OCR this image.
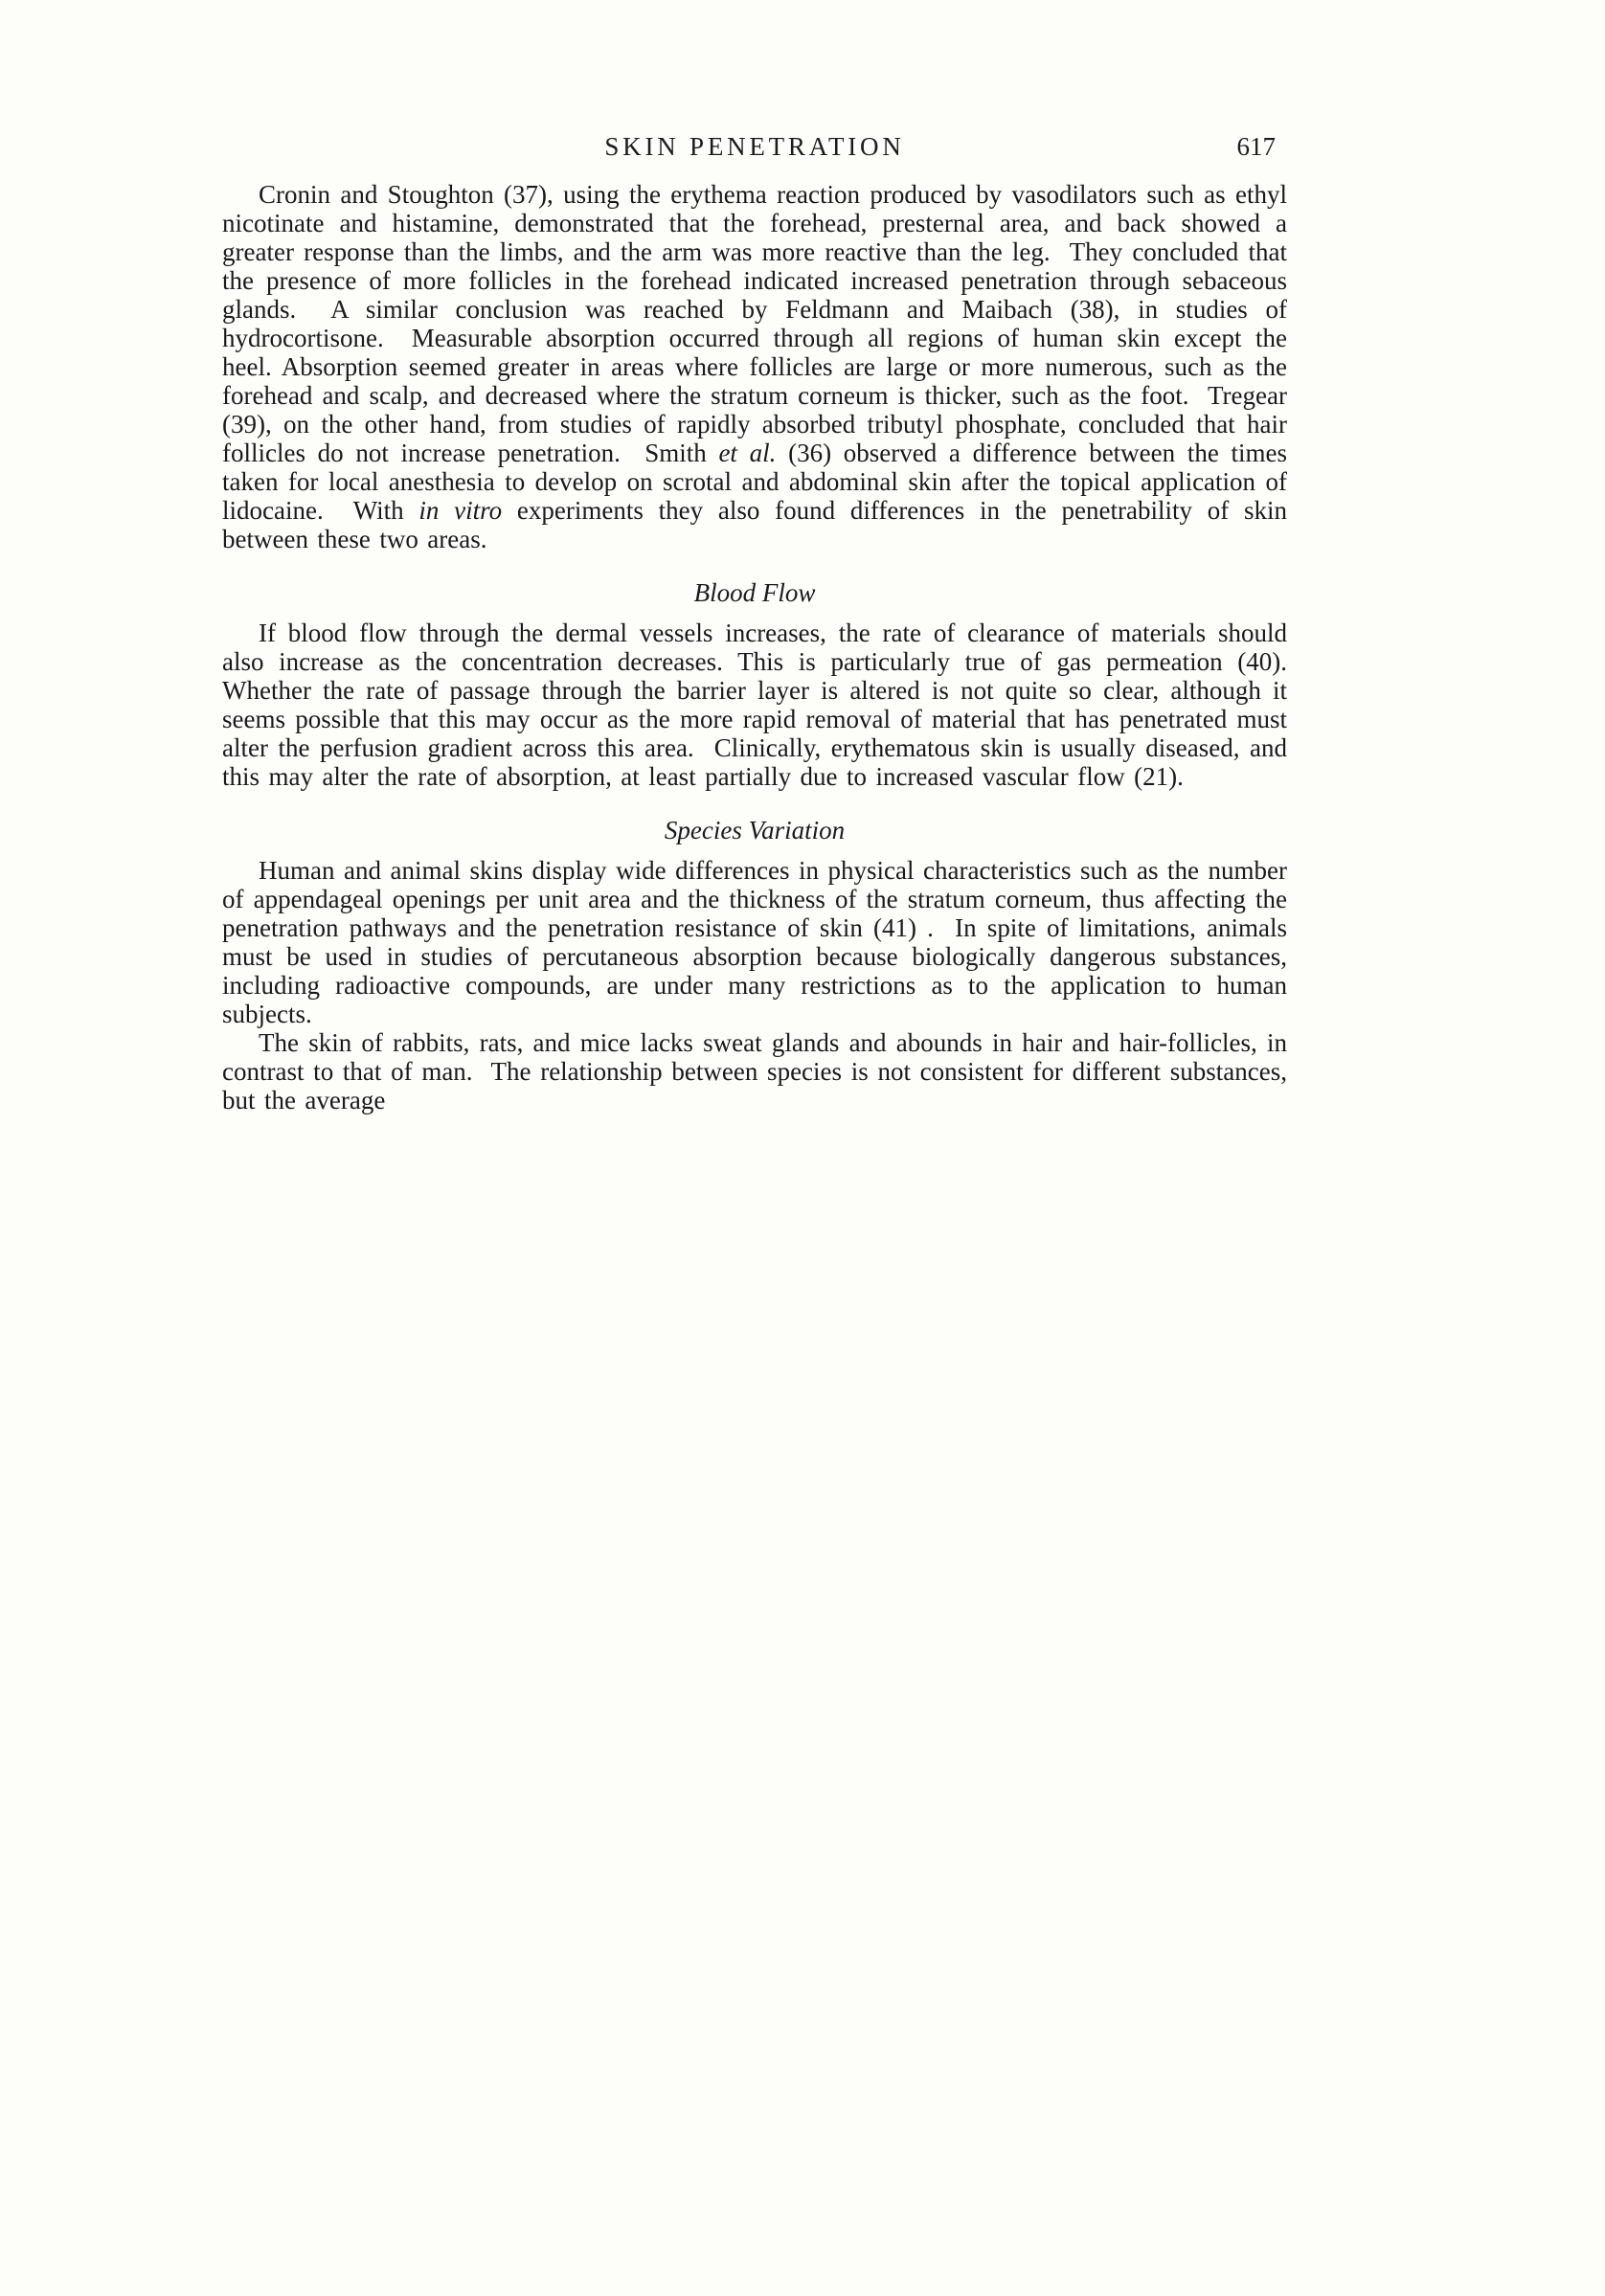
SKIN PENETRATION	617

Cronin and Stoughton (37), using the erythema reaction produced by vasodilators such as ethyl nicotinate and histamine, demonstrated that the forehead, presternal area, and back showed a greater response than the limbs, and the arm was more reactive than the leg.  They concluded that the presence of more follicles in the forehead indicated increased penetration through sebaceous glands.  A similar conclusion was reached by Feldmann and Maibach (38), in studies of hydrocortisone.  Measurable absorption occurred through all regions of human skin except the heel. Absorption seemed greater in areas where follicles are large or more numerous, such as the forehead and scalp, and decreased where the stratum corneum is thicker, such as the foot.  Tregear (39), on the other hand, from studies of rapidly absorbed tributyl phosphate, concluded that hair follicles do not increase penetration.  Smith et al. (36) observed a difference between the times taken for local anesthesia to develop on scrotal and abdominal skin after the topical application of lidocaine.  With in vitro experiments they also found differences in the penetrability of skin between these two areas.

Blood Flow

If blood flow through the dermal vessels increases, the rate of clearance of materials should also increase as the concentration decreases. This is particularly true of gas permeation (40).  Whether the rate of passage through the barrier layer is altered is not quite so clear, although it seems possible that this may occur as the more rapid removal of material that has penetrated must alter the perfusion gradient across this area.  Clinically, erythematous skin is usually diseased, and this may alter the rate of absorption, at least partially due to increased vascular flow (21).

Species Variation

Human and animal skins display wide differences in physical characteristics such as the number of appendageal openings per unit area and the thickness of the stratum corneum, thus affecting the penetration pathways and the penetration resistance of skin (41) .  In spite of limitations, animals must be used in studies of percutaneous absorption because biologically dangerous substances, including radioactive compounds, are under many restrictions as to the application to human subjects.

The skin of rabbits, rats, and mice lacks sweat glands and abounds in hair and hair-follicles, in contrast to that of man.  The relationship between species is not consistent for different substances, but the average
